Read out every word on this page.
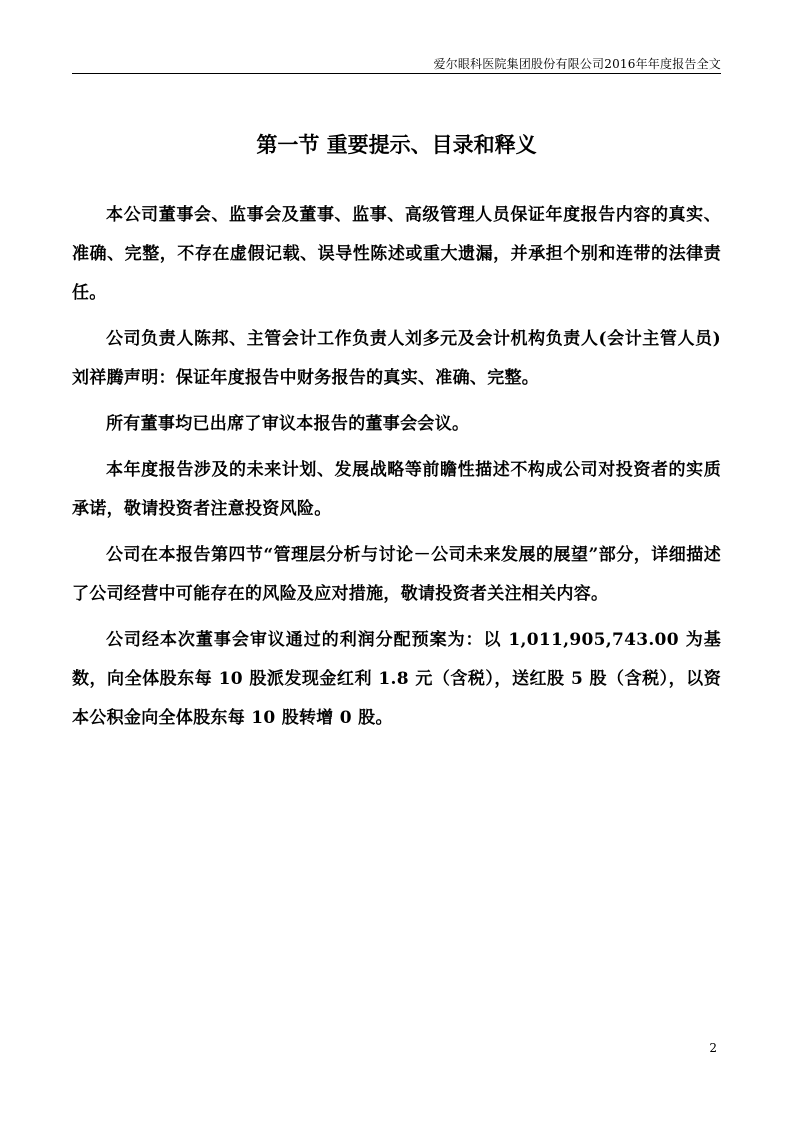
爱尔眼科医院集团股份有限公司2016年年度报告全文
第一节 重要提示、目录和释义

本公司董事会、监事会及董事、监事、高级管理人员保证年度报告内容的真实、准确、完整，不存在虚假记载、误导性陈述或重大遗漏，并承担个别和连带的法律责任。

公司负责人陈邦、主管会计工作负责人刘多元及会计机构负责人(会计主管人员)刘祥腾声明：保证年度报告中财务报告的真实、准确、完整。

所有董事均已出席了审议本报告的董事会会议。

本年度报告涉及的未来计划、发展战略等前瞻性描述不构成公司对投资者的实质承诺，敬请投资者注意投资风险。

公司在本报告第四节“管理层分析与讨论－公司未来发展的展望”部分，详细描述了公司经营中可能存在的风险及应对措施，敬请投资者关注相关内容。

公司经本次董事会审议通过的利润分配预案为：以 1,011,905,743.00 为基数，向全体股东每 10 股派发现金红利 1.8 元（含税），送红股 5 股（含税），以资本公积金向全体股东每 10 股转增 0 股。

2
